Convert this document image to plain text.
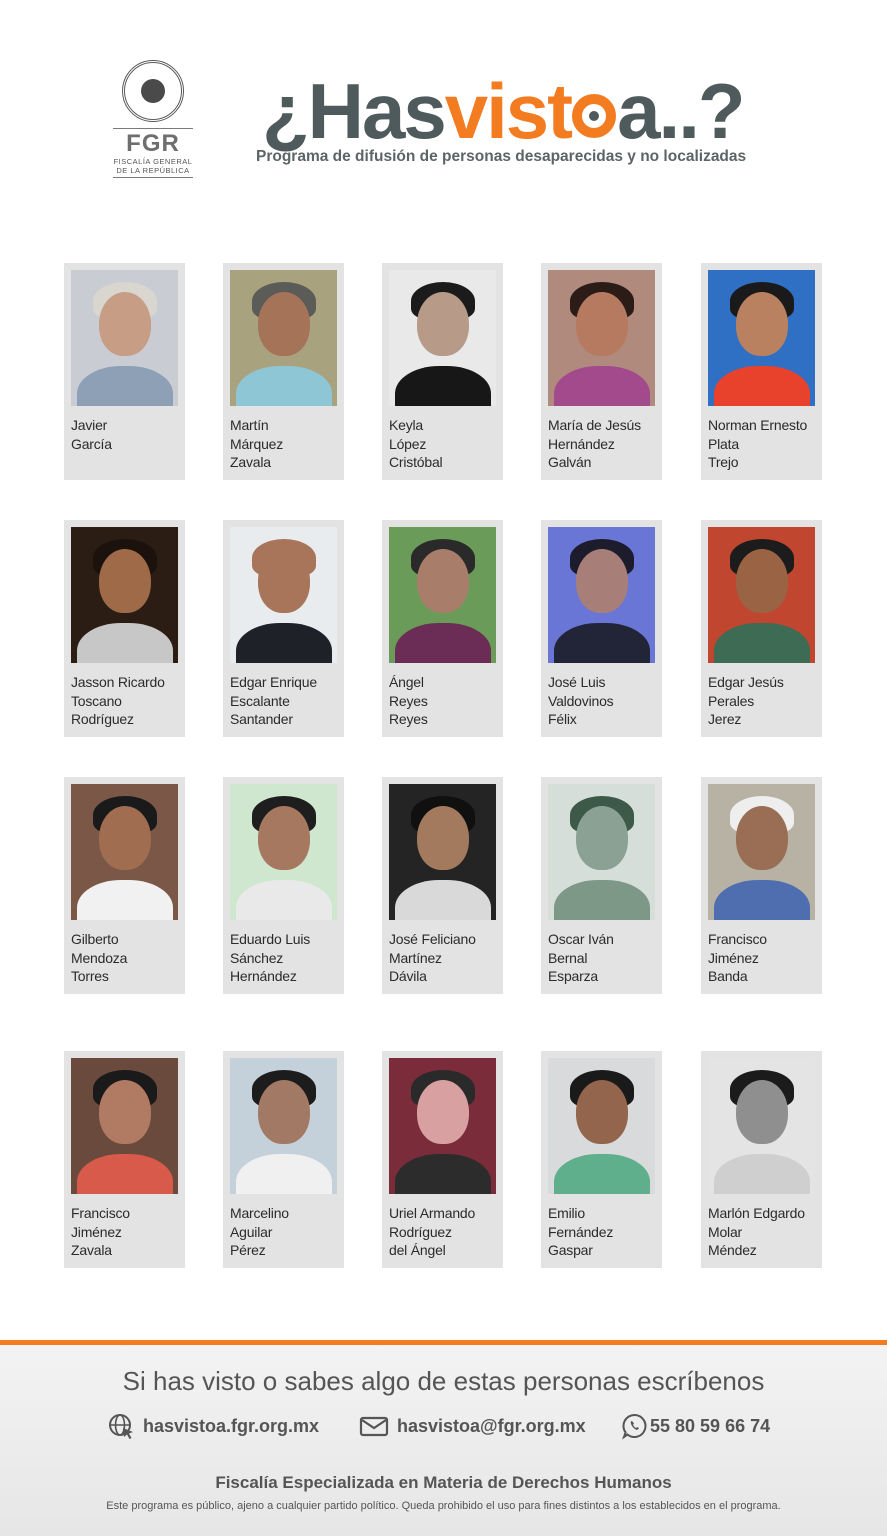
FGR
FISCALÍA GENERAL
DE LA REPÚBLICA
¿Hasvist a..?
Programa de difusión de personas desaparecidas y no localizadas
Javier
García
Martín
Márquez
Zavala
Keyla
López
Cristóbal
María de Jesús
Hernández
Galván
Norman Ernesto
Plata
Trejo
Jasson Ricardo
Toscano
Rodríguez
Edgar Enrique
Escalante
Santander
Ángel
Reyes
Reyes
José Luis
Valdovinos
Félix
Edgar Jesús
Perales
Jerez
Gilberto
Mendoza
Torres
Eduardo Luis
Sánchez
Hernández
José Feliciano
Martínez
Dávila
Oscar Iván
Bernal
Esparza
Francisco
Jiménez
Banda
Francisco
Jiménez
Zavala
Marcelino
Aguilar
Pérez
Uriel Armando
Rodríguez
del Ángel
Emilio
Fernández
Gaspar
Marlón Edgardo
Molar
Méndez
Si has visto o sabes algo de estas personas escríbenos
hasvistoa.fgr.org.mx	hasvistoa@fgr.org.mx	55 80 59 66 74
Fiscalía Especializada en Materia de Derechos Humanos
Este programa es público, ajeno a cualquier partido político. Queda prohibido el uso para fines distintos a los establecidos en el programa.
